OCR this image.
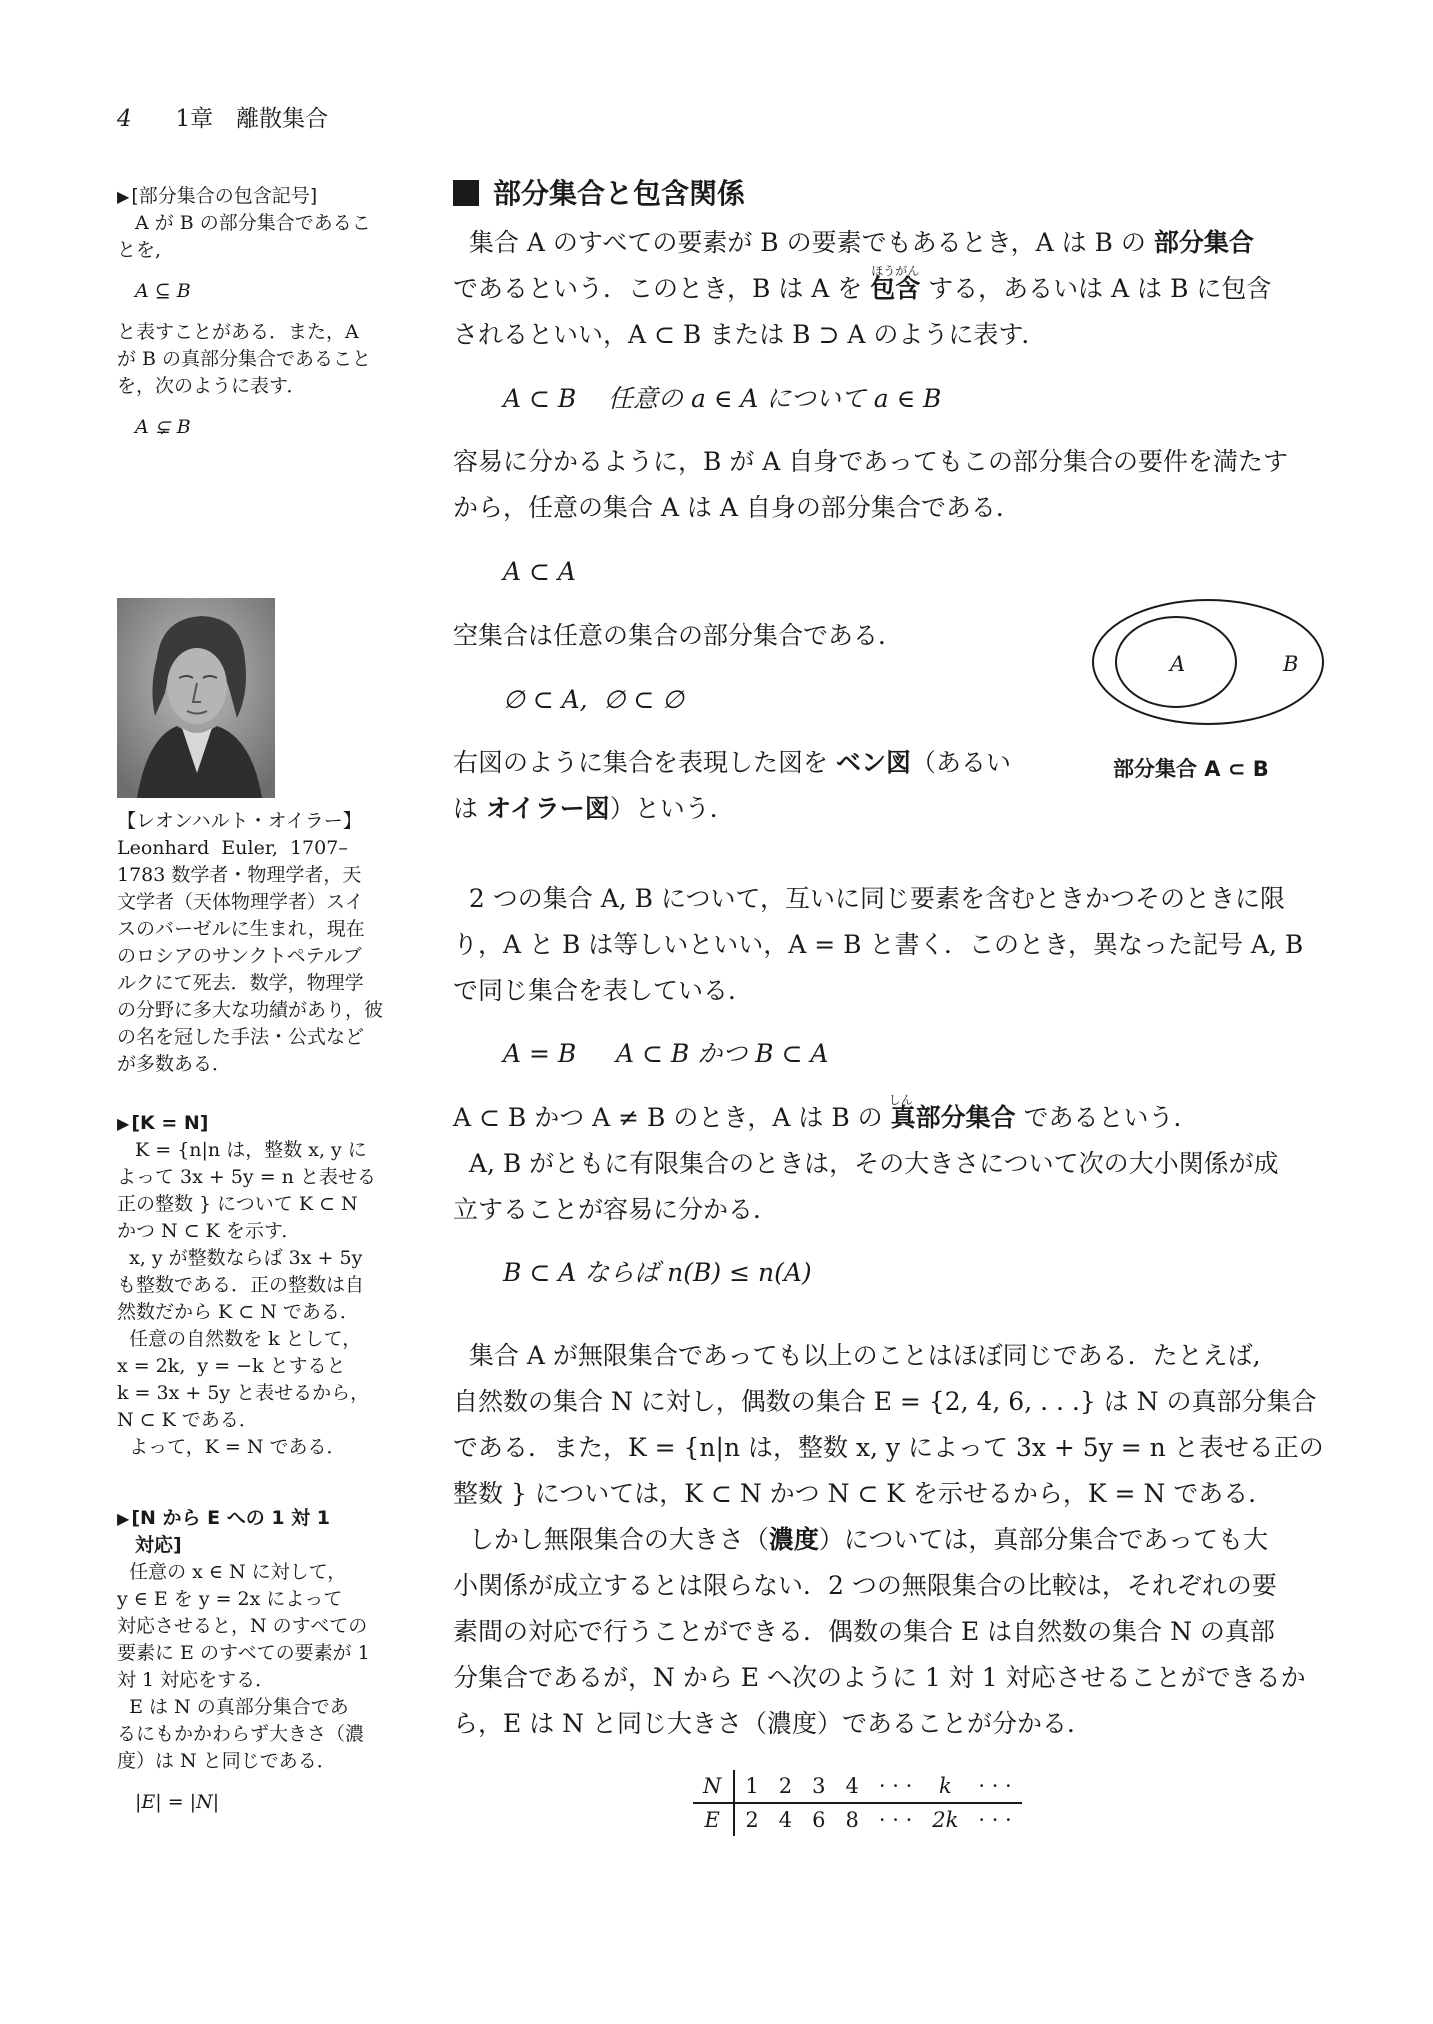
4 1章　離散集合
▶ [部分集合の包含記号]
A が B の部分集合であるこ
とを,
A ⊆ B
と表すことがある．また，A
が B の真部分集合であること
を，次のように表す．
A ⊊ B
【レオンハルト・オイラー】
Leonhard  Euler,  1707–
1783 数学者・物理学者，天
文学者（天体物理学者）スイ
スのバーゼルに生まれ，現在
のロシアのサンクトペテルブ
ルクにて死去．数学，物理学
の分野に多大な功績があり，彼
の名を冠した手法・公式など
が多数ある．
▶ [K = N]
K = {n|n は，整数 x, y に
よって 3x + 5y = n と表せる
正の整数 } について K ⊂ N
かつ N ⊂ K を示す．
x, y が整数ならば 3x + 5y
も整数である．正の整数は自
然数だから K ⊂ N である．
任意の自然数を k として，
x = 2k,  y = −k とすると
k = 3x + 5y と表せるから，
N ⊂ K である．
よって，K = N である．
▶ [N から E への 1 対 1
対応]
任意の x ∈ N に対して，
y ∈ E を y = 2x によって
対応させると，N のすべての
要素に E のすべての要素が 1
対 1 対応をする．
E は N の真部分集合であ
るにもかかわらず大きさ（濃
度）は N と同じである．
|E| = |N|
部分集合と包含関係
集合 A のすべての要素が B の要素でもあるとき，A は B の 部分集合
であるという．このとき，B は A を
ほうがん
包含 する，あるいは A は B に包含
されるといい，A ⊂ B または B ⊃ A のように表す．
A ⊂ B    任意の a ∈ A について a ∈ B
容易に分かるように，B が A 自身であってもこの部分集合の要件を満たす
から，任意の集合 A は A 自身の部分集合である．
A ⊂ A
空集合は任意の集合の部分集合である．
∅ ⊂ A,  ∅ ⊂ ∅
右図のように集合を表現した図を ベン図（あるい
は オイラー図）という．
A	B
部分集合 A ⊂ B
2 つの集合 A, B について，互いに同じ要素を含むときかつそのときに限
り，A と B は等しいといい，A = B と書く．このとき，異なった記号 A, B
で同じ集合を表している．
A = B     A ⊂ B かつ B ⊂ A
A ⊂ B かつ A ≠ B のとき，A は B の
しん
真部分集合 であるという．
A, B がともに有限集合のときは，その大きさについて次の大小関係が成
立することが容易に分かる．
B ⊂ A ならば n(B) ≤ n(A)
集合 A が無限集合であっても以上のことはほぼ同じである．たとえば,
自然数の集合 N に対し，偶数の集合 E = {2, 4, 6, . . .} は N の真部分集合
である．また，K = {n|n は，整数 x, y によって 3x + 5y = n と表せる正の
整数 } については，K ⊂ N かつ N ⊂ K を示せるから，K = N である．
しかし無限集合の大きさ（濃度）については，真部分集合であっても大
小関係が成立するとは限らない．2 つの無限集合の比較は，それぞれの要
素間の対応で行うことができる．偶数の集合 E は自然数の集合 N の真部
分集合であるが，N から E へ次のように 1 対 1 対応させることができるか
ら，E は N と同じ大きさ（濃度）であることが分かる．
N	1	2	3	4	· · ·	k	· · ·
E	2	4	6	8	· · ·	2k	· · ·
